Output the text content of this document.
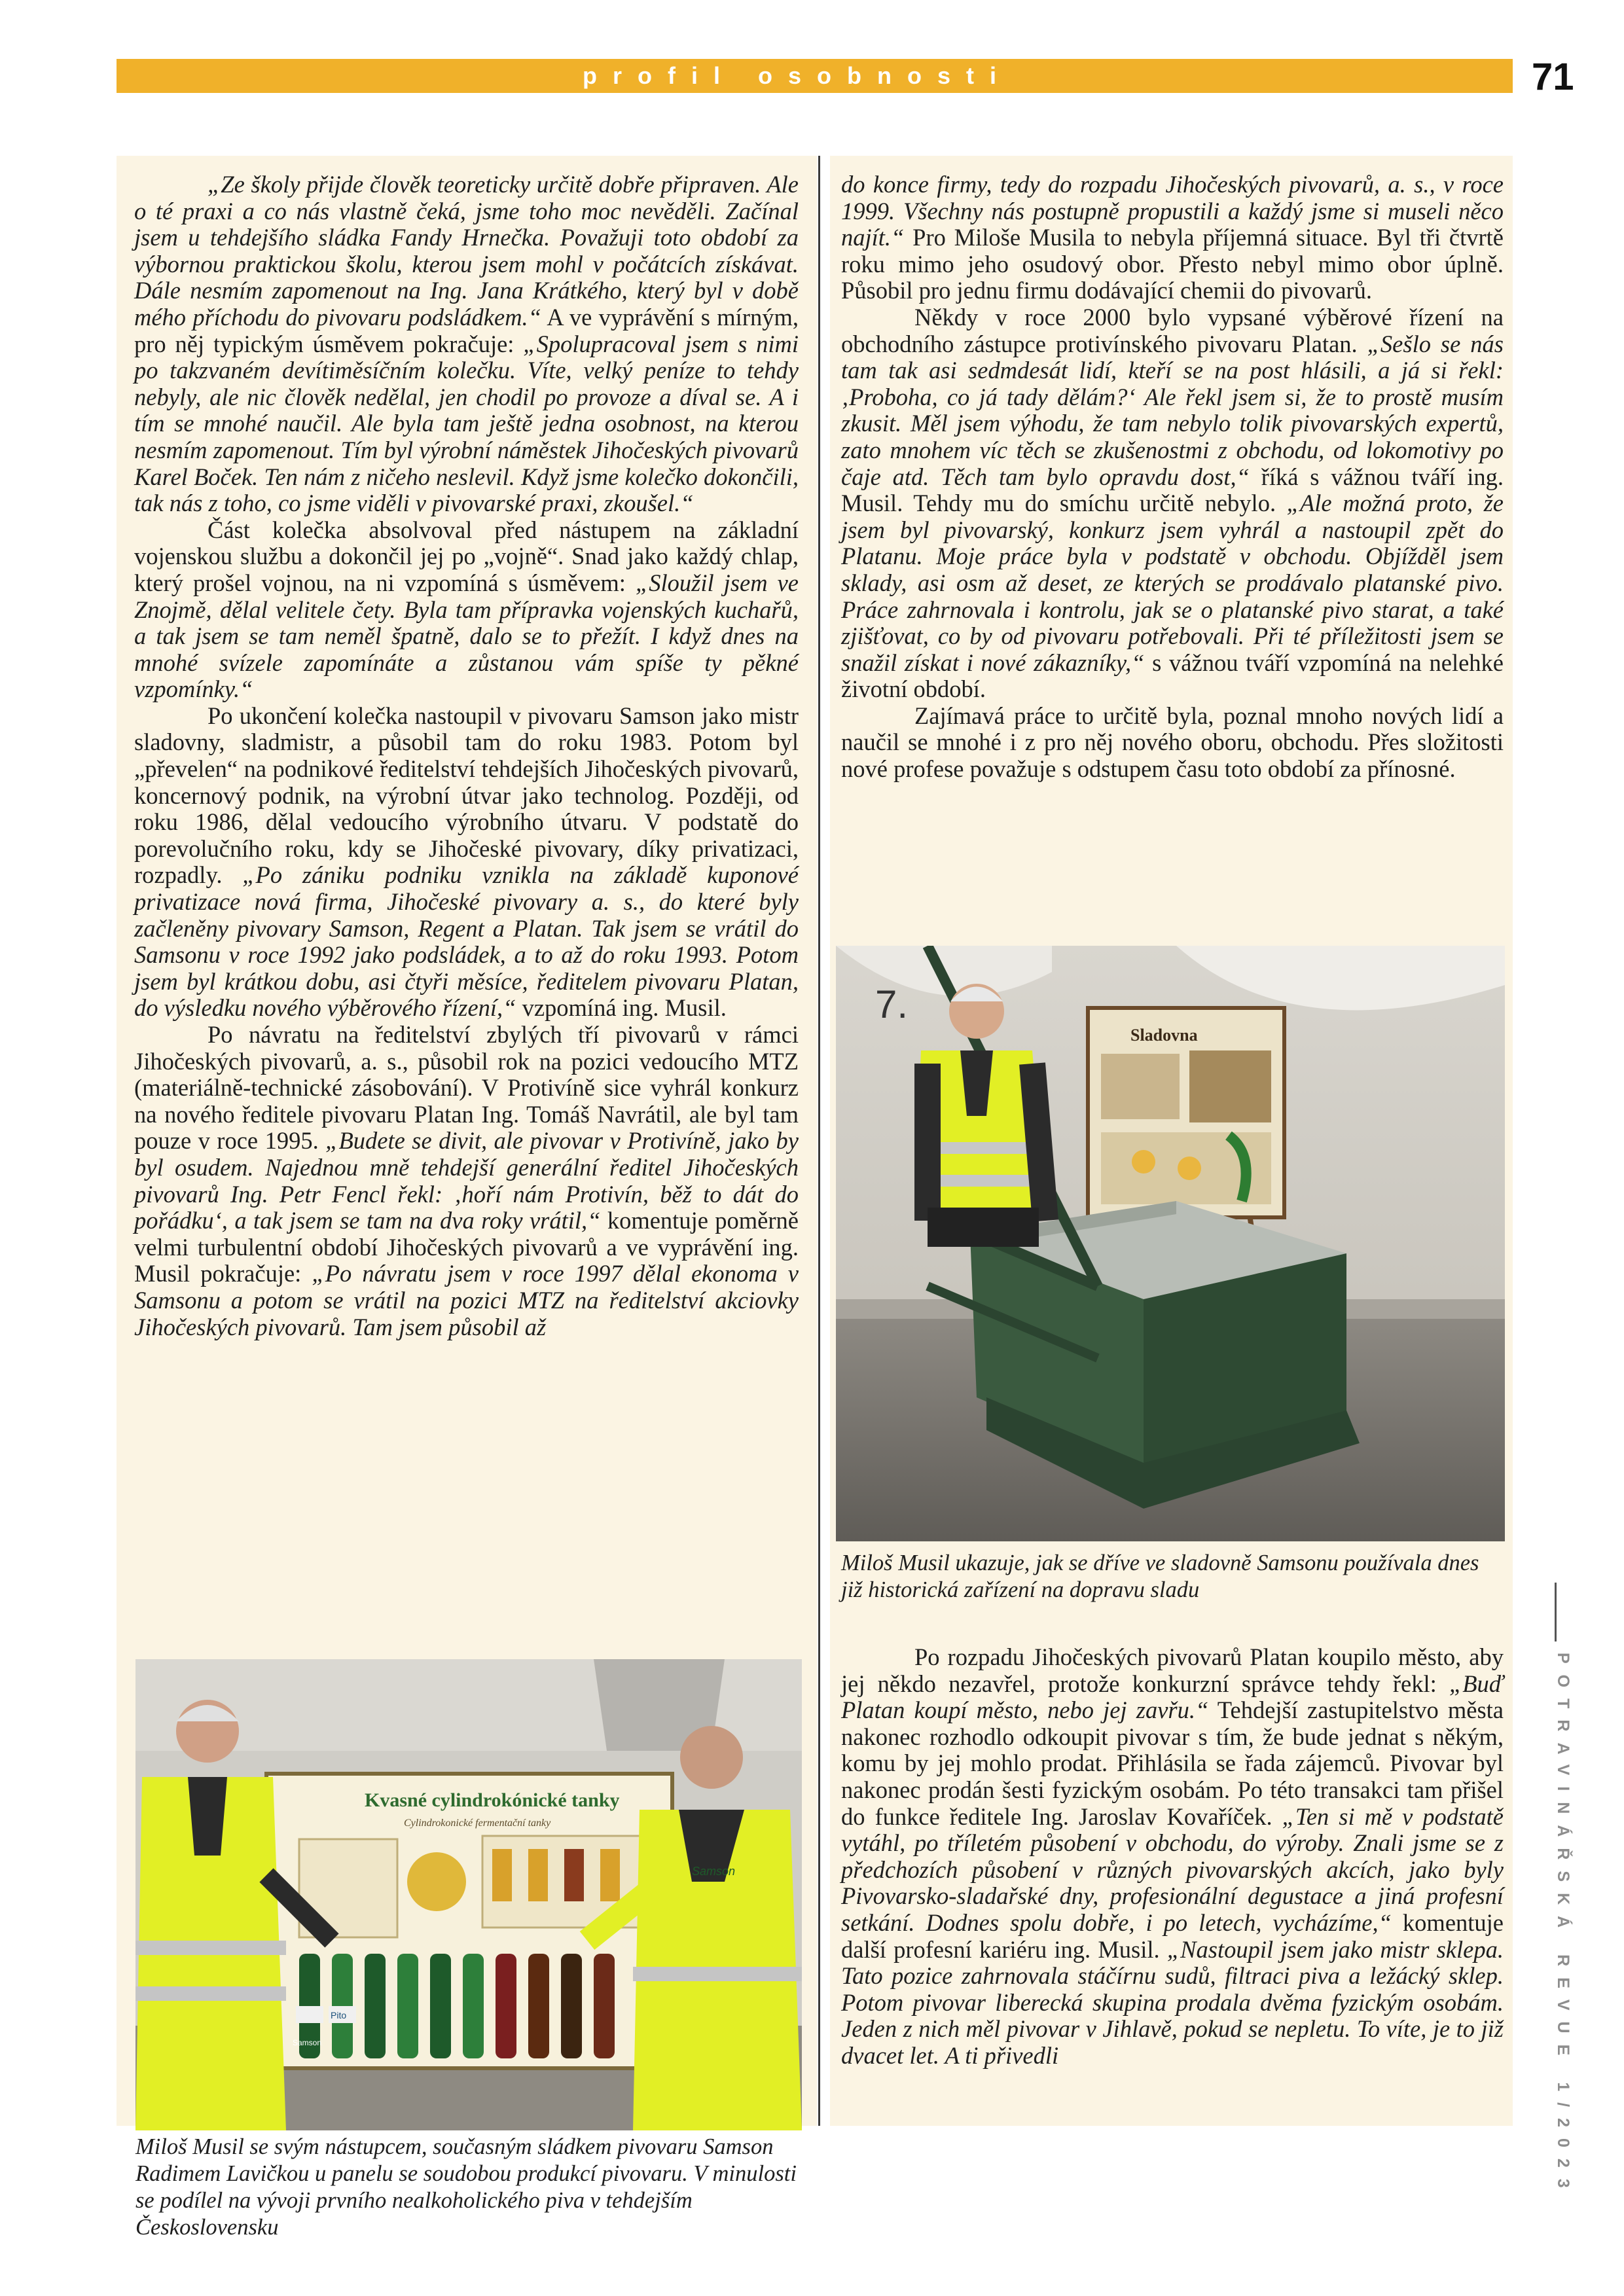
profil osobnosti	71
POTRAVINÁŘSKÁ REVUE 1/2023

„Ze školy přijde člověk teoreticky určitě dobře připraven. Ale o té praxi a co nás vlastně čeká, jsme toho moc nevěděli. Začínal jsem u tehdejšího sládka Fandy Hrnečka. Považuji toto období za výbornou praktickou školu, kterou jsem mohl v počátcích získávat. Dále nesmím zapomenout na Ing. Jana Krátkého, který byl v době mého příchodu do pivovaru podsládkem.“ A ve vyprávění s mírným, pro něj typickým úsměvem pokračuje: „Spolupracoval jsem s nimi po takzvaném devítiměsíčním kolečku. Víte, velký peníze to tehdy nebyly, ale nic člověk nedělal, jen chodil po provoze a díval se. A i tím se mnohé naučil. Ale byla tam ještě jedna osobnost, na kterou nesmím zapomenout. Tím byl výrobní náměstek Jihočeských pivovarů Karel Boček. Ten nám z ničeho neslevil. Když jsme kolečko dokončili, tak nás z toho, co jsme viděli v pivovarské praxi, zkoušel.“

Část kolečka absolvoval před nástupem na základní vojenskou službu a dokončil jej po „vojně“. Snad jako každý chlap, který prošel vojnou, na ni vzpomíná s úsměvem: „Sloužil jsem ve Znojmě, dělal velitele čety. Byla tam přípravka vojenských kuchařů, a tak jsem se tam neměl špatně, dalo se to přežít. I když dnes na mnohé svízele zapomínáte a zůstanou vám spíše ty pěkné vzpomínky.“

Po ukončení kolečka nastoupil v pivovaru Samson jako mistr sladovny, sladmistr, a působil tam do roku 1983. Potom byl „převelen“ na podnikové ředitelství tehdejších Jihočeských pivovarů, koncernový podnik, na výrobní útvar jako technolog. Později, od roku 1986, dělal vedoucího výrobního útvaru. V podstatě do porevolučního roku, kdy se Jihočeské pivovary, díky privatizaci, rozpadly. „Po zániku podniku vznikla na základě kuponové privatizace nová firma, Jihočeské pivovary a. s., do které byly začleněny pivovary Samson, Regent a Platan. Tak jsem se vrátil do Samsonu v roce 1992 jako podsládek, a to až do roku 1993. Potom jsem byl krátkou dobu, asi čtyři měsíce, ředitelem pivovaru Platan, do výsledku nového výběrového řízení,“ vzpomíná ing. Musil.

Po návratu na ředitelství zbylých tří pivovarů v rámci Jihočeských pivovarů, a. s., působil rok na pozici vedoucího MTZ (materiálně-technické zásobování). V Protivíně sice vyhrál konkurz na nového ředitele pivovaru Platan Ing. Tomáš Navrátil, ale byl tam pouze v roce 1995. „Budete se divit, ale pivovar v Protivíně, jako by byl osudem. Najednou mně tehdejší generální ředitel Jihočeských pivovarů Ing. Petr Fencl řekl: ‚hoří nám Protivín, běž to dát do pořádku‘, a tak jsem se tam na dva roky vrátil,“ komentuje poměrně velmi turbulentní období Jihočeských pivovarů a ve vyprávění ing. Musil pokračuje: „Po návratu jsem v roce 1997 dělal ekonoma v Samsonu a potom se vrátil na pozici MTZ na ředitelství akciovky Jihočeských pivovarů. Tam jsem působil až

do konce firmy, tedy do rozpadu Jihočeských pivovarů, a. s., v roce 1999. Všechny nás postupně propustili a každý jsme si museli něco najít.“ Pro Miloše Musila to nebyla příjemná situace. Byl tři čtvrtě roku mimo jeho osudový obor. Přesto nebyl mimo obor úplně. Působil pro jednu firmu dodávající chemii do pivovarů.

Někdy v roce 2000 bylo vypsané výběrové řízení na obchodního zástupce protivínského pivovaru Platan. „Sešlo se nás tam tak asi sedmdesát lidí, kteří se na post hlásili, a já si řekl: ‚Proboha, co já tady dělám?‘ Ale řekl jsem si, že to prostě musím zkusit. Měl jsem výhodu, že tam nebylo tolik pivovarských expertů, zato mnohem víc těch se zkušenostmi z obchodu, od lokomotivy po čaje atd. Těch tam bylo opravdu dost,“ říká s vážnou tváří ing. Musil. Tehdy mu do smíchu určitě nebylo. „Ale možná proto, že jsem byl pivovarský, konkurz jsem vyhrál a nastoupil zpět do Platanu. Moje práce byla v podstatě v obchodu. Objížděl jsem sklady, asi osm až deset, ze kterých se prodávalo platanské pivo. Práce zahrnovala i kontrolu, jak se o platanské pivo starat, a také zjišťovat, co by od pivovaru potřebovali. Při té příležitosti jsem se snažil získat i nové zákazníky,“ s vážnou tváří vzpomíná na nelehké životní období.

Zajímavá práce to určitě byla, poznal mnoho nových lidí a naučil se mnohé i z pro něj nového oboru, obchodu. Přes složitosti nové profese považuje s odstupem času toto období za přínosné.

7.
Sladovna
Miloš Musil ukazuje, jak se dříve ve sladovně Samsonu používala dnes již historická zařízení na dopravu sladu

Po rozpadu Jihočeských pivovarů Platan koupilo město, aby jej někdo nezavřel, protože konkurzní správce tehdy řekl: „Buď Platan koupí město, nebo jej zavřu.“ Tehdejší zastupitelstvo města nakonec rozhodlo odkoupit pivovar s tím, že bude jednat s někým, komu by jej mohlo prodat. Přihlásila se řada zájemců. Pivovar byl nakonec prodán šesti fyzickým osobám. Po této transakci tam přišel do funkce ředitele Ing. Jaroslav Kovaříček. „Ten si mě v podstatě vytáhl, po tříletém působení v obchodu, do výroby. Znali jsme se z předchozích působení v různých pivovarských akcích, jako byly Pivovarsko-sladařské dny, profesionální degustace a jiná profesní setkání. Dodnes spolu dobře, i po letech, vycházíme,“ komentuje další profesní kariéru ing. Musil. „Nastoupil jsem jako mistr sklepa. Tato pozice zahrnovala stáčírnu sudů, filtraci piva a ležácký sklep. Potom pivovar liberecká skupina prodala dvěma fyzickým osobám. Jeden z nich měl pivovar v Jihlavě, pokud se nepletu. To víte, je to již dvacet let. A ti přivedli

Kvasné cylindrokónické tanky
Cylindrokonické fermentační tanky
Pito
Samson
Samson
Miloš Musil se svým nástupcem, současným sládkem pivovaru Samson Radimem Lavičkou u panelu se soudobou produkcí pivovaru. V minulosti se podílel na vývoji prvního nealkoholického piva v tehdejším Československu
